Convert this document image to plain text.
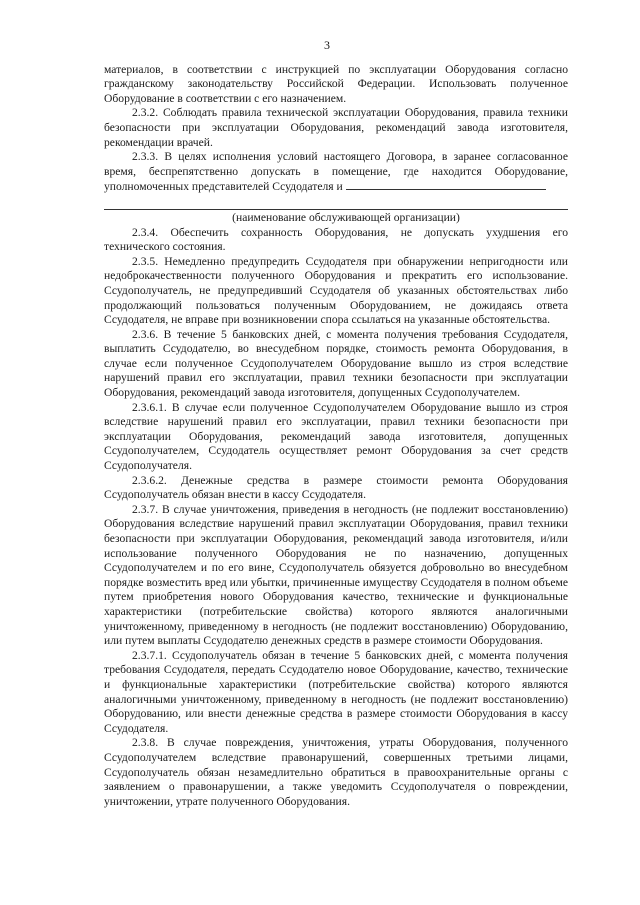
3

материалов, в соответствии с инструкцией по эксплуатации Оборудования согласно гражданскому законодательству Российской Федерации. Использовать полученное Оборудование в соответствии с его назначением.

2.3.2. Соблюдать правила технической эксплуатации Оборудования, правила техники безопасности при эксплуатации Оборудования, рекомендаций завода изготовителя, рекомендации врачей.

2.3.3. В целях исполнения условий настоящего Договора, в заранее согласованное время, беспрепятственно допускать в помещение, где находится Оборудование, уполномоченных представителей Ссудодателя и

(наименование обслуживающей организации)

2.3.4. Обеспечить сохранность Оборудования, не допускать ухудшения его технического состояния.

2.3.5. Немедленно предупредить Ссудодателя при обнаружении непригодности или недоброкачественности полученного Оборудования и прекратить его использование. Ссудополучатель, не предупредивший Ссудодателя об указанных обстоятельствах либо продолжающий пользоваться полученным Оборудованием, не дожидаясь ответа Ссудодателя, не вправе при возникновении спора ссылаться на указанные обстоятельства.

2.3.6. В течение 5 банковских дней, с момента получения требования Ссудодателя, выплатить Ссудодателю, во внесудебном порядке, стоимость ремонта Оборудования, в случае если полученное Ссудополучателем Оборудование вышло из строя вследствие нарушений правил его эксплуатации, правил техники безопасности при эксплуатации Оборудования, рекомендаций завода изготовителя, допущенных Ссудополучателем.

2.3.6.1. В случае если полученное Ссудополучателем Оборудование вышло из строя вследствие нарушений правил его эксплуатации, правил техники безопасности при эксплуатации Оборудования, рекомендаций завода изготовителя, допущенных Ссудополучателем, Ссудодатель осуществляет ремонт Оборудования за счет средств Ссудополучателя.

2.3.6.2. Денежные средства в размере стоимости ремонта Оборудования Ссудополучатель обязан внести в кассу Ссудодателя.

2.3.7. В случае уничтожения, приведения в негодность (не подлежит восстановлению) Оборудования вследствие нарушений правил эксплуатации Оборудования, правил техники безопасности при эксплуатации Оборудования, рекомендаций завода изготовителя, и/или использование полученного Оборудования не по назначению, допущенных Ссудополучателем и по его вине, Ссудополучатель обязуется добровольно во внесудебном порядке возместить вред или убытки, причиненные имуществу Ссудодателя в полном объеме путем приобретения нового Оборудования качество, технические и функциональные характеристики (потребительские свойства) которого являются аналогичными уничтоженному, приведенному в негодность (не подлежит восстановлению) Оборудованию, или путем выплаты Ссудодателю денежных средств в размере стоимости Оборудования.

2.3.7.1. Ссудополучатель обязан в течение 5 банковских дней, с момента получения требования Ссудодателя, передать Ссудодателю новое Оборудование, качество, технические и функциональные характеристики (потребительские свойства) которого являются аналогичными уничтоженному, приведенному в негодность (не подлежит восстановлению) Оборудованию, или внести денежные средства в размере стоимости Оборудования в кассу Ссудодателя.

2.3.8. В случае повреждения, уничтожения, утраты Оборудования, полученного Ссудополучателем вследствие правонарушений, совершенных третьими лицами, Ссудополучатель обязан незамедлительно обратиться в правоохранительные органы с заявлением о правонарушении, а также уведомить Ссудополучателя о повреждении, уничтожении, утрате полученного Оборудования.
